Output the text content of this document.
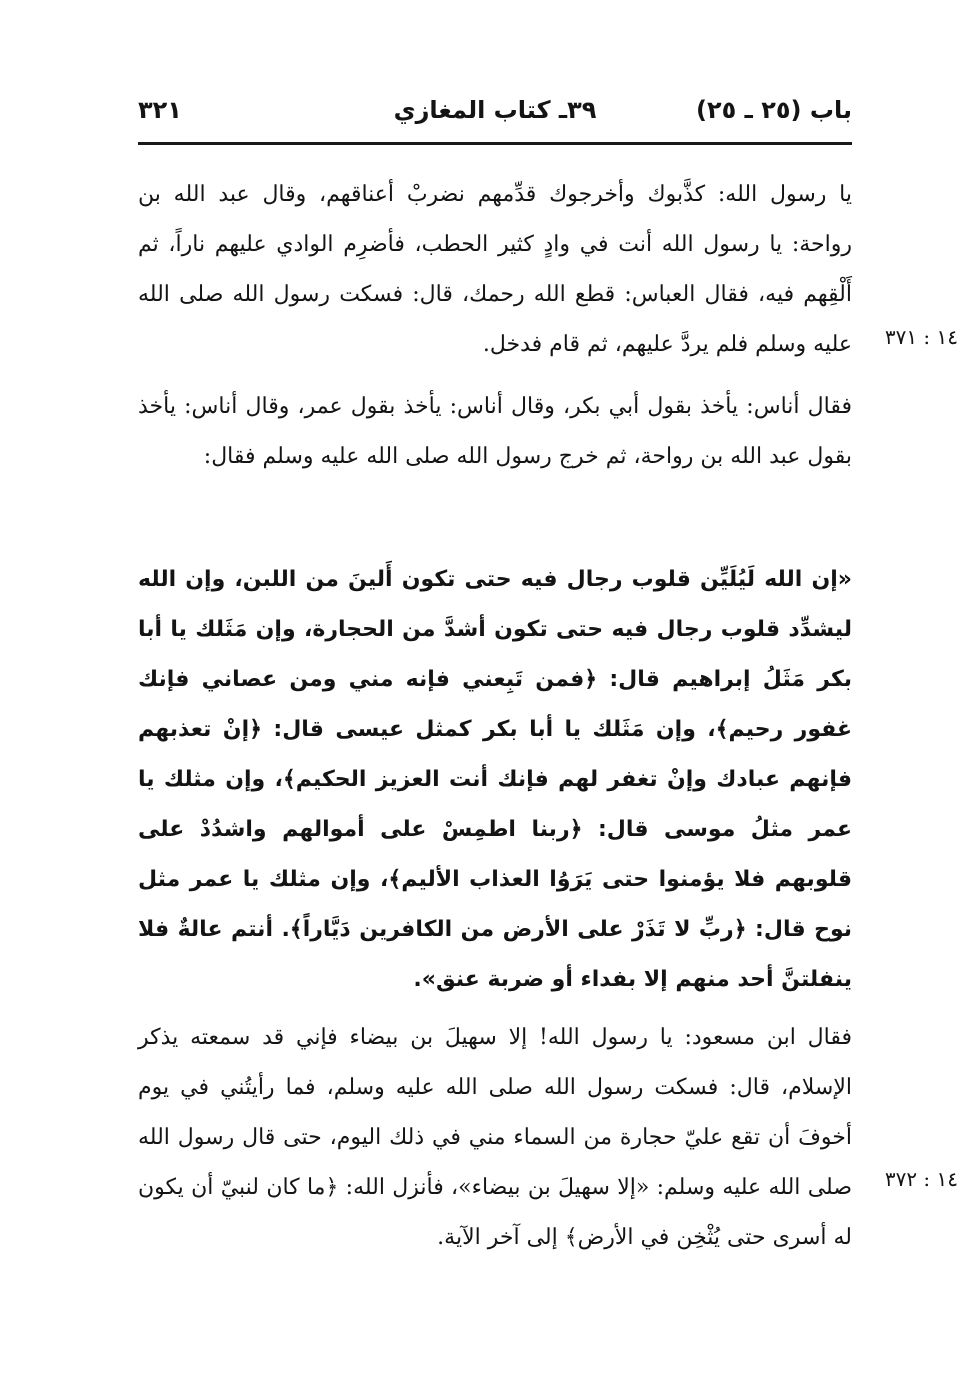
باب (٢٥ ـ ٢٥)
٣٩ـ كتاب المغازي
٣٢١

يا رسول الله: كذَّبوك وأخرجوك قدِّمهم نضربْ أعناقهم، وقال عبد الله بن رواحة: يا رسول الله أنت في وادٍ كثير الحطب، فأضرِم الوادي عليهم ناراً، ثم أَلْقِهم فيه، فقال العباس: قطع الله رحمك، قال: فسكت رسول الله صلى الله عليه وسلم فلم يردَّ عليهم، ثم قام فدخل.

فقال أناس: يأخذ بقول أبي بكر، وقال أناس: يأخذ بقول عمر، وقال أناس: يأخذ بقول عبد الله بن رواحة، ثم خرج رسول الله صلى الله عليه وسلم فقال:

«إن الله لَيُلَيِّن قلوب رجال فيه حتى تكون أَلينَ من اللبن، وإن الله ليشدِّد قلوب رجال فيه حتى تكون أشدَّ من الحجارة، وإن مَثَلك يا أبا بكر مَثَلُ إبراهيم قال: ﴿فمن تَبِعني فإنه مني ومن عصاني فإنك غفور رحيم﴾، وإن مَثَلك يا أبا بكر كمثل عيسى قال: ﴿إنْ تعذبهم فإنهم عبادك وإنْ تغفر لهم فإنك أنت العزيز الحكيم﴾، وإن مثلك يا عمر مثلُ موسى قال: ﴿ربنا اطمِسْ على أموالهم واشدُدْ على قلوبهم فلا يؤمنوا حتى يَرَوُا العذاب الأليم﴾، وإن مثلك يا عمر مثل نوح قال: ﴿ربِّ لا تَذَرْ على الأرض من الكافرين دَيَّاراً﴾. أنتم عالةٌ فلا ينفلتنَّ أحد منهم إلا بفداء أو ضربة عنق».

فقال ابن مسعود: يا رسول الله! إلا سهيلَ بن بيضاء فإني قد سمعته يذكر الإسلام، قال: فسكت رسول الله صلى الله عليه وسلم، فما رأيتُني في يوم أخوفَ أن تقع عليّ حجارة من السماء مني في ذلك اليوم، حتى قال رسول الله صلى الله عليه وسلم: «إلا سهيلَ بن بيضاء»، فأنزل الله: ﴿ما كان لنبيّ أن يكون له أسرى حتى يُثْخِن في الأرض﴾ إلى آخر الآية.

١٤ : ٣٧١
١٤ : ٣٧٢
